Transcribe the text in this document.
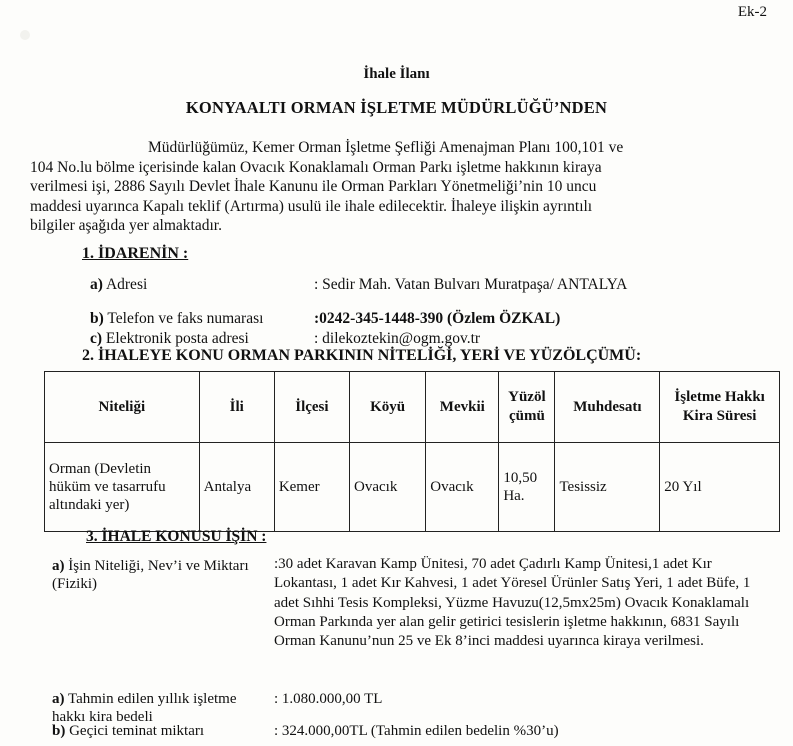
Ek-2
İhale İlanı
KONYAALTI ORMAN İŞLETME MÜDÜRLÜĞÜ’NDEN
Müdürlüğümüz, Kemer Orman İşletme Şefliği Amenajman Planı 100,101 ve
104 No.lu bölme içerisinde kalan Ovacık Konaklamalı Orman Parkı işletme hakkının kiraya
verilmesi işi, 2886 Sayılı Devlet İhale Kanunu ile Orman Parkları Yönetmeliği’nin 10 uncu
maddesi uyarınca Kapalı teklif (Artırma) usulü ile ihale edilecektir. İhaleye ilişkin ayrıntılı
bilgiler aşağıda yer almaktadır.
1. İDARENİN :
a) Adresi	: Sedir Mah. Vatan Bulvarı Muratpaşa/ ANTALYA
b) Telefon ve faks numarası	:0242-345-1448-390 (Özlem ÖZKAL)
c) Elektronik posta adresi	: dilekoztekin@ogm.gov.tr
2. İHALEYE KONU ORMAN PARKININ NİTELİĞİ, YERİ VE YÜZÖLÇÜMÜ:
Niteliği	İli	İlçesi	Köyü	Mevkii	Yüzöl çümü	Muhdesatı	İşletme Hakkı Kira Süresi
Orman (Devletin hüküm ve tasarrufu altındaki yer)	Antalya	Kemer	Ovacık	Ovacık	10,50 Ha.	Tesissiz	20 Yıl
3. İHALE KONUSU İŞİN :
a) İşin Niteliği, Nev’i ve Miktarı (Fiziki)
:30 adet Karavan Kamp Ünitesi, 70 adet Çadırlı Kamp Ünitesi,1 adet Kır Lokantası, 1 adet Kır Kahvesi, 1 adet Yöresel Ürünler Satış Yeri, 1 adet Büfe, 1 adet Sıhhi Tesis Kompleksi, Yüzme Havuzu(12,5mx25m) Ovacık Konaklamalı Orman Parkında yer alan gelir getirici tesislerin işletme hakkının, 6831 Sayılı Orman Kanunu’nun 25 ve Ek 8’inci maddesi uyarınca kiraya verilmesi.
a) Tahmin edilen yıllık işletme hakkı kira bedeli
: 1.080.000,00 TL
b) Geçici teminat miktarı	: 324.000,00TL (Tahmin edilen bedelin %30’u)
